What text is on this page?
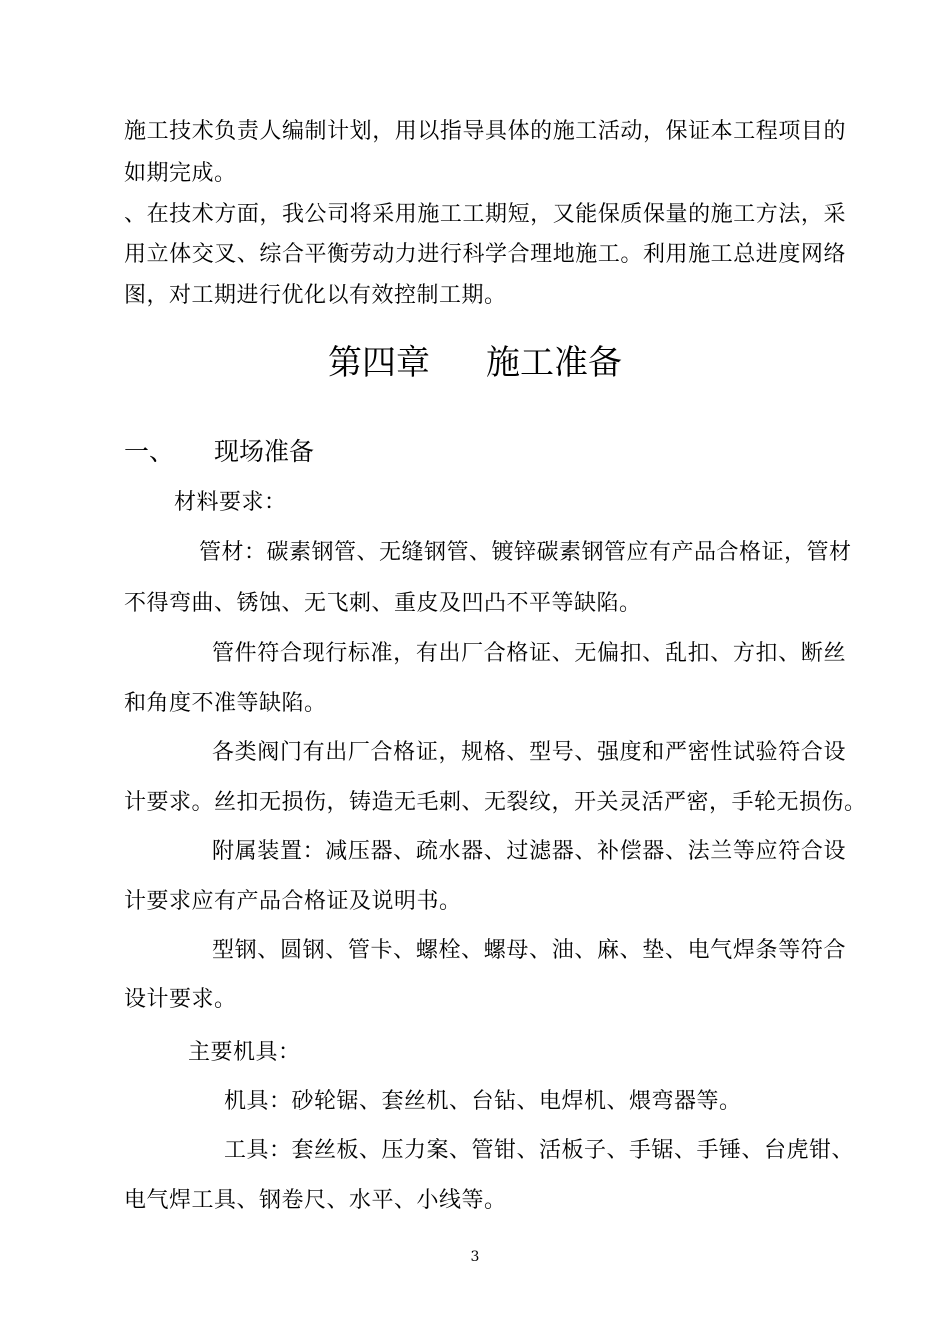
施工技术负责人编制计划，用以指导具体的施工活动，保证本工程项目的
如期完成。
、在技术方面，我公司将采用施工工期短，又能保质保量的施工方法，采
用立体交叉、综合平衡劳动力进行科学合理地施工。利用施工总进度网络
图，对工期进行优化以有效控制工期。
第四章 施工准备
一、 现场准备
材料要求：
管材：碳素钢管、无缝钢管、镀锌碳素钢管应有产品合格证，管材
不得弯曲、锈蚀、无飞刺、重皮及凹凸不平等缺陷。
管件符合现行标准，有出厂合格证、无偏扣、乱扣、方扣、断丝
和角度不准等缺陷。
各类阀门有出厂合格证，规格、型号、强度和严密性试验符合设
计要求。丝扣无损伤，铸造无毛刺、无裂纹，开关灵活严密，手轮无损伤。
附属装置：减压器、疏水器、过滤器、补偿器、法兰等应符合设
计要求应有产品合格证及说明书。
型钢、圆钢、管卡、螺栓、螺母、油、麻、垫、电气焊条等符合
设计要求。
主要机具：
机具：砂轮锯、套丝机、台钻、电焊机、煨弯器等。
工具：套丝板、压力案、管钳、活板子、手锯、手锤、台虎钳、
电气焊工具、钢卷尺、水平、小线等。
3
